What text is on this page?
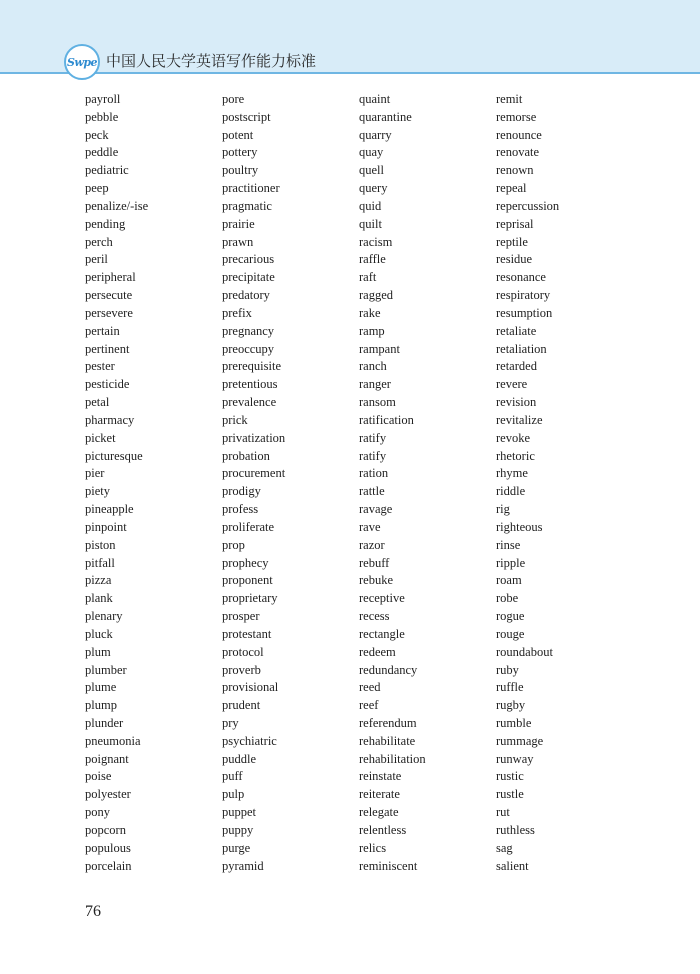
Swpe 中国人民大学英语写作能力标准
payroll
pebble
peck
peddle
pediatric
peep
penalize/-ise
pending
perch
peril
peripheral
persecute
persevere
pertain
pertinent
pester
pesticide
petal
pharmacy
picket
picturesque
pier
piety
pineapple
pinpoint
piston
pitfall
pizza
plank
plenary
pluck
plum
plumber
plume
plump
plunder
pneumonia
poignant
poise
polyester
pony
popcorn
populous
porcelain
pore
postscript
potent
pottery
poultry
practitioner
pragmatic
prairie
prawn
precarious
precipitate
predatory
prefix
pregnancy
preoccupy
prerequisite
pretentious
prevalence
prick
privatization
probation
procurement
prodigy
profess
proliferate
prop
prophecy
proponent
proprietary
prosper
protestant
protocol
proverb
provisional
prudent
pry
psychiatric
puddle
puff
pulp
puppet
puppy
purge
pyramid
quaint
quarantine
quarry
quay
quell
query
quid
quilt
racism
raffle
raft
ragged
rake
ramp
rampant
ranch
ranger
ransom
ratification
ratify
ratify
ration
rattle
ravage
rave
razor
rebuff
rebuke
receptive
recess
rectangle
redeem
redundancy
reed
reef
referendum
rehabilitate
rehabilitation
reinstate
reiterate
relegate
relentless
relics
reminiscent
remit
remorse
renounce
renovate
renown
repeal
repercussion
reprisal
reptile
residue
resonance
respiratory
resumption
retaliate
retaliation
retarded
revere
revision
revitalize
revoke
rhetoric
rhyme
riddle
rig
righteous
rinse
ripple
roam
robe
rogue
rouge
roundabout
ruby
ruffle
rugby
rumble
rummage
runway
rustic
rustle
rut
ruthless
sag
salient
76
